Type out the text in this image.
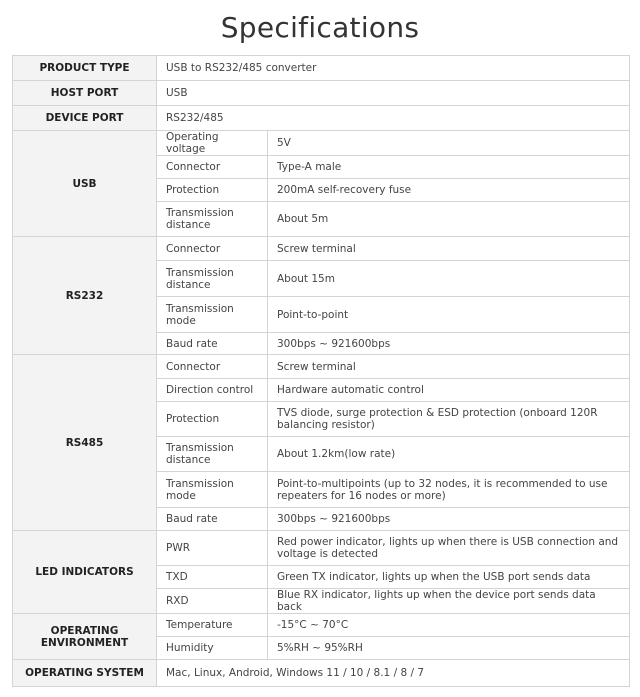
Specifications
PRODUCT TYPE	USB to RS232/485 converter	
HOST PORT	USB	
DEVICE PORT	RS232/485	
USB	Operating voltage	5V
	Connector	Type-A male
	Protection	200mA self-recovery fuse
	Transmission distance	About 5m
RS232	Connector	Screw terminal
	Transmission distance	About 15m
	Transmission mode	Point-to-point
	Baud rate	300bps ~ 921600bps
RS485	Connector	Screw terminal
	Direction control	Hardware automatic control
	Protection	TVS diode, surge protection & ESD protection (onboard 120R balancing resistor)
	Transmission distance	About 1.2km(low rate)
	Transmission mode	Point-to-multipoints (up to 32 nodes, it is recommended to use repeaters for 16 nodes or more)
	Baud rate	300bps ~ 921600bps
LED INDICATORS	PWR	Red power indicator, lights up when there is USB connection and voltage is detected
	TXD	Green TX indicator, lights up when the USB port sends data
	RXD	Blue RX indicator, lights up when the device port sends data back
OPERATING ENVIRONMENT	Temperature	-15°C ~ 70°C
	Humidity	5%RH ~ 95%RH
OPERATING SYSTEM	Mac, Linux, Android, Windows 11 / 10 / 8.1 / 8 / 7	
